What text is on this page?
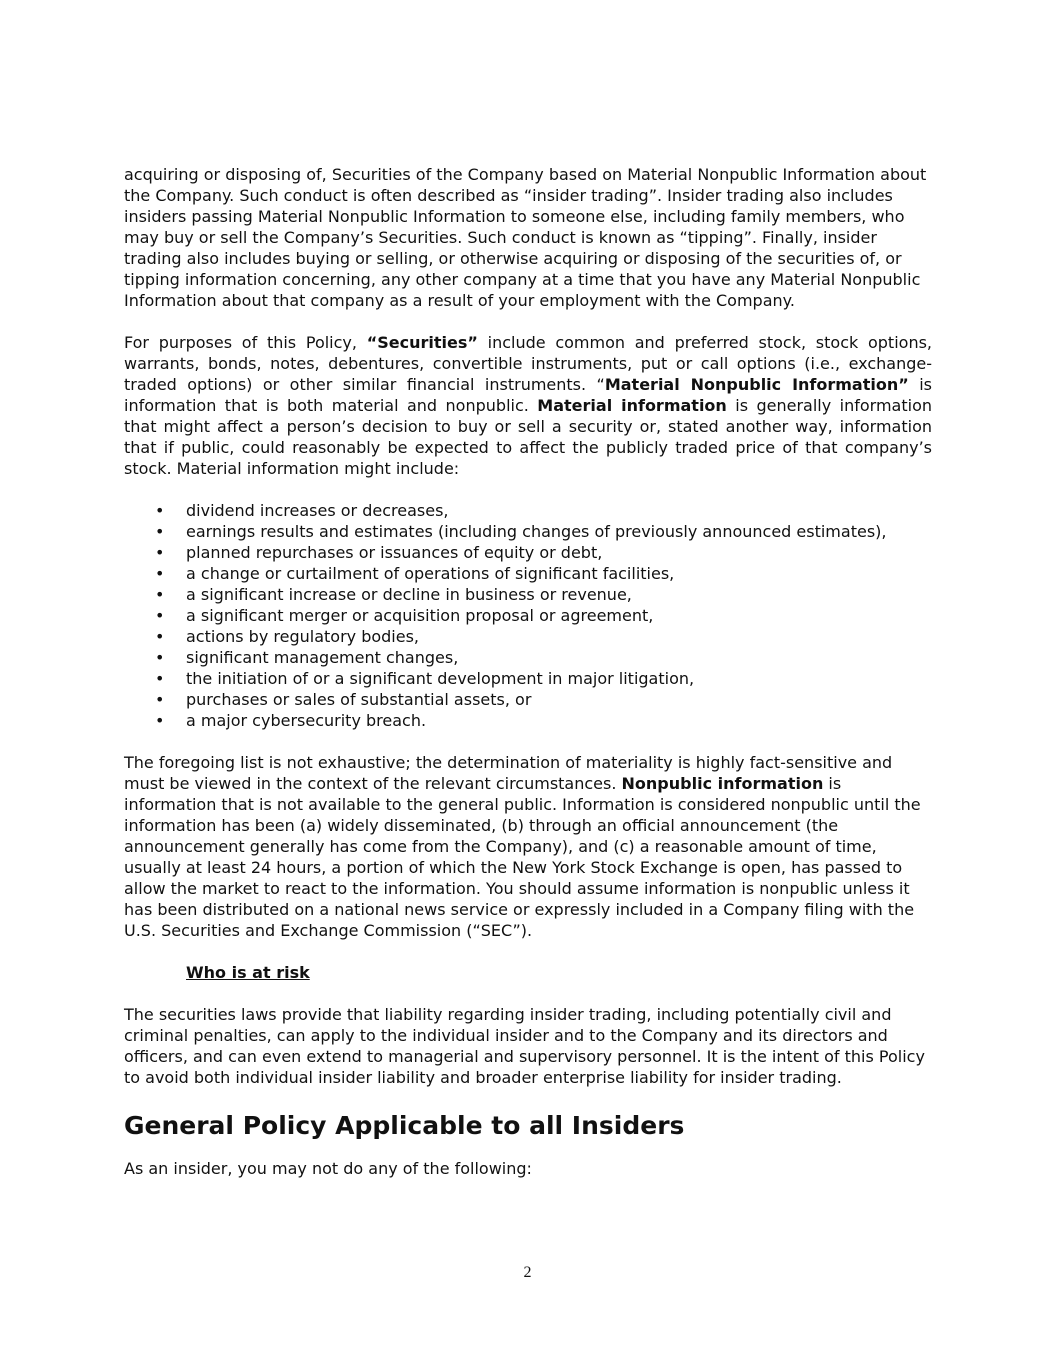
acquiring or disposing of, Securities of the Company based on Material Nonpublic Information about the Company. Such conduct is often described as “insider trading”. Insider trading also includes insiders passing Material Nonpublic Information to someone else, including family members, who may buy or sell the Company’s Securities. Such conduct is known as “tipping”. Finally, insider trading also includes buying or selling, or otherwise acquiring or disposing of the securities of, or tipping information concerning, any other company at a time that you have any Material Nonpublic Information about that company as a result of your employment with the Company.

For purposes of this Policy, “Securities” include common and preferred stock, stock options, warrants, bonds, notes, debentures, convertible instruments, put or call options (i.e., exchange-traded options) or other similar financial instruments. “Material Nonpublic Information” is information that is both material and nonpublic. Material information is generally information that might affect a person’s decision to buy or sell a security or, stated another way, information that if public, could reasonably be expected to affect the publicly traded price of that company’s stock. Material information might include:

• dividend increases or decreases,
• earnings results and estimates (including changes of previously announced estimates),
• planned repurchases or issuances of equity or debt,
• a change or curtailment of operations of significant facilities,
• a significant increase or decline in business or revenue,
• a significant merger or acquisition proposal or agreement,
• actions by regulatory bodies,
• significant management changes,
• the initiation of or a significant development in major litigation,
• purchases or sales of substantial assets, or
• a major cybersecurity breach.

The foregoing list is not exhaustive; the determination of materiality is highly fact-sensitive and must be viewed in the context of the relevant circumstances. Nonpublic information is information that is not available to the general public. Information is considered nonpublic until the information has been (a) widely disseminated, (b) through an official announcement (the announcement generally has come from the Company), and (c) a reasonable amount of time, usually at least 24 hours, a portion of which the New York Stock Exchange is open, has passed to allow the market to react to the information. You should assume information is nonpublic unless it has been distributed on a national news service or expressly included in a Company filing with the U.S. Securities and Exchange Commission (“SEC”).

Who is at risk

The securities laws provide that liability regarding insider trading, including potentially civil and criminal penalties, can apply to the individual insider and to the Company and its directors and officers, and can even extend to managerial and supervisory personnel. It is the intent of this Policy to avoid both individual insider liability and broader enterprise liability for insider trading.

General Policy Applicable to all Insiders

As an insider, you may not do any of the following:

2
